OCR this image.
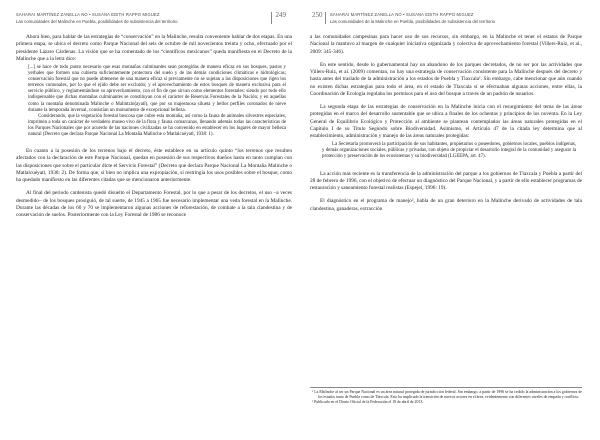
SAHARAI MARTÍNEZ ZANELLA NO • SUSANA EDITH RAPPO MIGUEZ
Las comunidades del Malinche en Puebla, posibilidades de subsistencia del territorio
249

Ahora bien, para hablar de las estrategias de “conservación” en la Malinche, resulta conveniente hablar de dos etapas. En una primera etapa, se ubica el decreto como Parque Nacional del seis de octubre de mil novecientos treinta y ocho, efectuado por el presidente Lázaro Cárdenas. La visión que se ha comentado de los “científicos mexicanos” queda manifiesta en el Decreto de la Malinche que a la letra dice:

[...] se hace de todo punto necesario que esas montañas culminantes sean protegidas de manera eficaz en sus bosques, pastos y yerbales que formen una cubierta suficientemente protectora del suelo y de las demás condiciones climáticas e hidrológicas; conservación forestal que no puede obtenerse de una manera eficaz si previamente no se sujetan a las disposiciones que rigen los terrenos comunales, por lo que el ejido debe ser excluido; y el aprovechamiento de estos bosques de manera exclusiva para el servicio público, y reglamentándose su aprovechamiento, con el fin de que sirvan como elementos forestales; siendo por todo ello indispensable que dichas montañas culminantes se constituyan con el carácter de Reservas Forestales de la Nación; y en aquellas como la montaña denominada Malinche o Malintzin(ayatl), que por su majestuosa silueta y bellos perfiles coronados de nieve durante la temporada invernal, consistían un monumento de excepcional belleza.

Considerando, que la vegetación forestal boscosa que cubre esta montaña, así como la fauna de animales silvestres especiales, imprimen a toda un carácter de verdadero museo vivo de la flora y fauna comarcanas, llenando además todas las características de los Parques Nacionales que por acuerdo de las naciones civilizadas se ha convenido en establecer en los lugares de mayor belleza natural (Decreto que declara Parque Nacional La Montaña Malinche o Matlalcuéyatl, 1938: 1).

En cuanto a la posesión de los terrenos bajo el decreto, éste establece en su artículo quinto “los terrenos que resulten afectados con la declaración de este Parque Nacional, quedan en posesión de sus respectivos dueños hasta en tanto cumplan con las disposiciones que sobre el particular dicte el Servicio Forestal” (Decreto que declara Parque Nacional La Montaña Malinche o Matlalcuéyatl, 1938: 2). De forma que, si bien no implica una expropiación, sí restringía los usos posibles sobre el bosque, como ha quedado manifiesto en las diferentes citadas que se mencionaron anteriormente.

Al final del periodo cardenista quedó disuelto el Departamento Forestal, por lo que a pesar de los decretos, el uso –a veces desmedido– de los bosques prosiguió, de tal suerte, de 1945 a 1965 fue necesario implementar una veda forestal en la Malinche. Durante las décadas de los 60 y 70 se implementaron algunas acciones de reforestación, de combate a la tala clandestina y de conservación de suelos. Posteriormente con la Ley Forestal de 1986 se reconoce

250 SAHARAI MARTÍNEZ ZANELLA NO • SUSANA EDITH RAPPO MIGUEZ
Las comunidades de la Malinche en Puebla, posibilidades de subsistencia del territorio

a las comunidades campesinas para hacer uso de sus recursos, sin embargo, en la Malinche el tener el estatus de Parque Nacional la mantuvo al margen de cualquier iniciativa organizada y colectiva de aprovechamiento forestal (Villers-Ruiz, et al., 2009: 345-346).

En este sentido, desde lo gubernamental hay un abandono de los parques decretados, de no ser por las actividades que Villers-Ruiz, et al. (2009) comentan, no hay una estrategia de conservación consistente para la Malinche después del decreto y hasta antes del traslado de la administración a los estados de Puebla y Tlaxcala¹. Sin embargo, cabe mencionar que aún cuando no existen dichas estrategias para todo el área, en el estado de Tlaxcala sí se efectuaban algunas acciones, entre ellas, la Coordinación de Ecología regulaba los permisos para el uso del bosque a través de un padrón de usuarios.

La segunda etapa de las estrategias de conservación en la Malinche inicia con el resurgimiento del tema de las áreas protegidas en el marco del desarrollo sustentable que se ubica a finales de los ochentas y principios de los noventa. En la Ley General de Equilibrio Ecológico y Protección al ambiente se plantean contemplados las áreas naturales protegidas en el Capítulo I de su Título Segundo sobre Biodiversidad. Asimismo, el Artículo 47 de la citada ley determina que al establecimiento, administración y manejo de las áreas naturales protegidas:

La Secretaría promoverá la participación de sus habitantes, propietarios o poseedores, gobiernos locales, pueblos indígenas, y demás organizaciones sociales, públicas y privadas, con objeto de propiciar el desarrollo integral de la comunidad y asegurar la protección y preservación de los ecosistemas y su biodiversidad (LGEEPA, art. 47).

La acción más reciente es la transferencia de la administración del parque a los gobiernos de Tlaxcala y Puebla a partir del 28 de febrero de 1996, con el objetivo de efectuar un diagnóstico del Parque Nacional, y a partir de ello establecer programas de restauración y saneamiento forestal realistas (Espejel, 1996: 19).

El diagnóstico en el programa de manejo², habla de un gran deterioro en la Malinche derivado de actividades de tala clandestina, ganaderas, extracción

¹ La Malinche al ser un Parque Nacional es un área natural protegida de jurisdicción federal. Sin embargo, a partir de 1996 se ha cedido la administración a los gobiernos de los estados tanto de Puebla como de Tlaxcala. Esto ha implicado la transición de nuevos actores en el área, evidentemente con diferentes niveles de empatía y conflicto.

² Publicado en el Diario Oficial de la Federación el 18 de abril de 2013.
